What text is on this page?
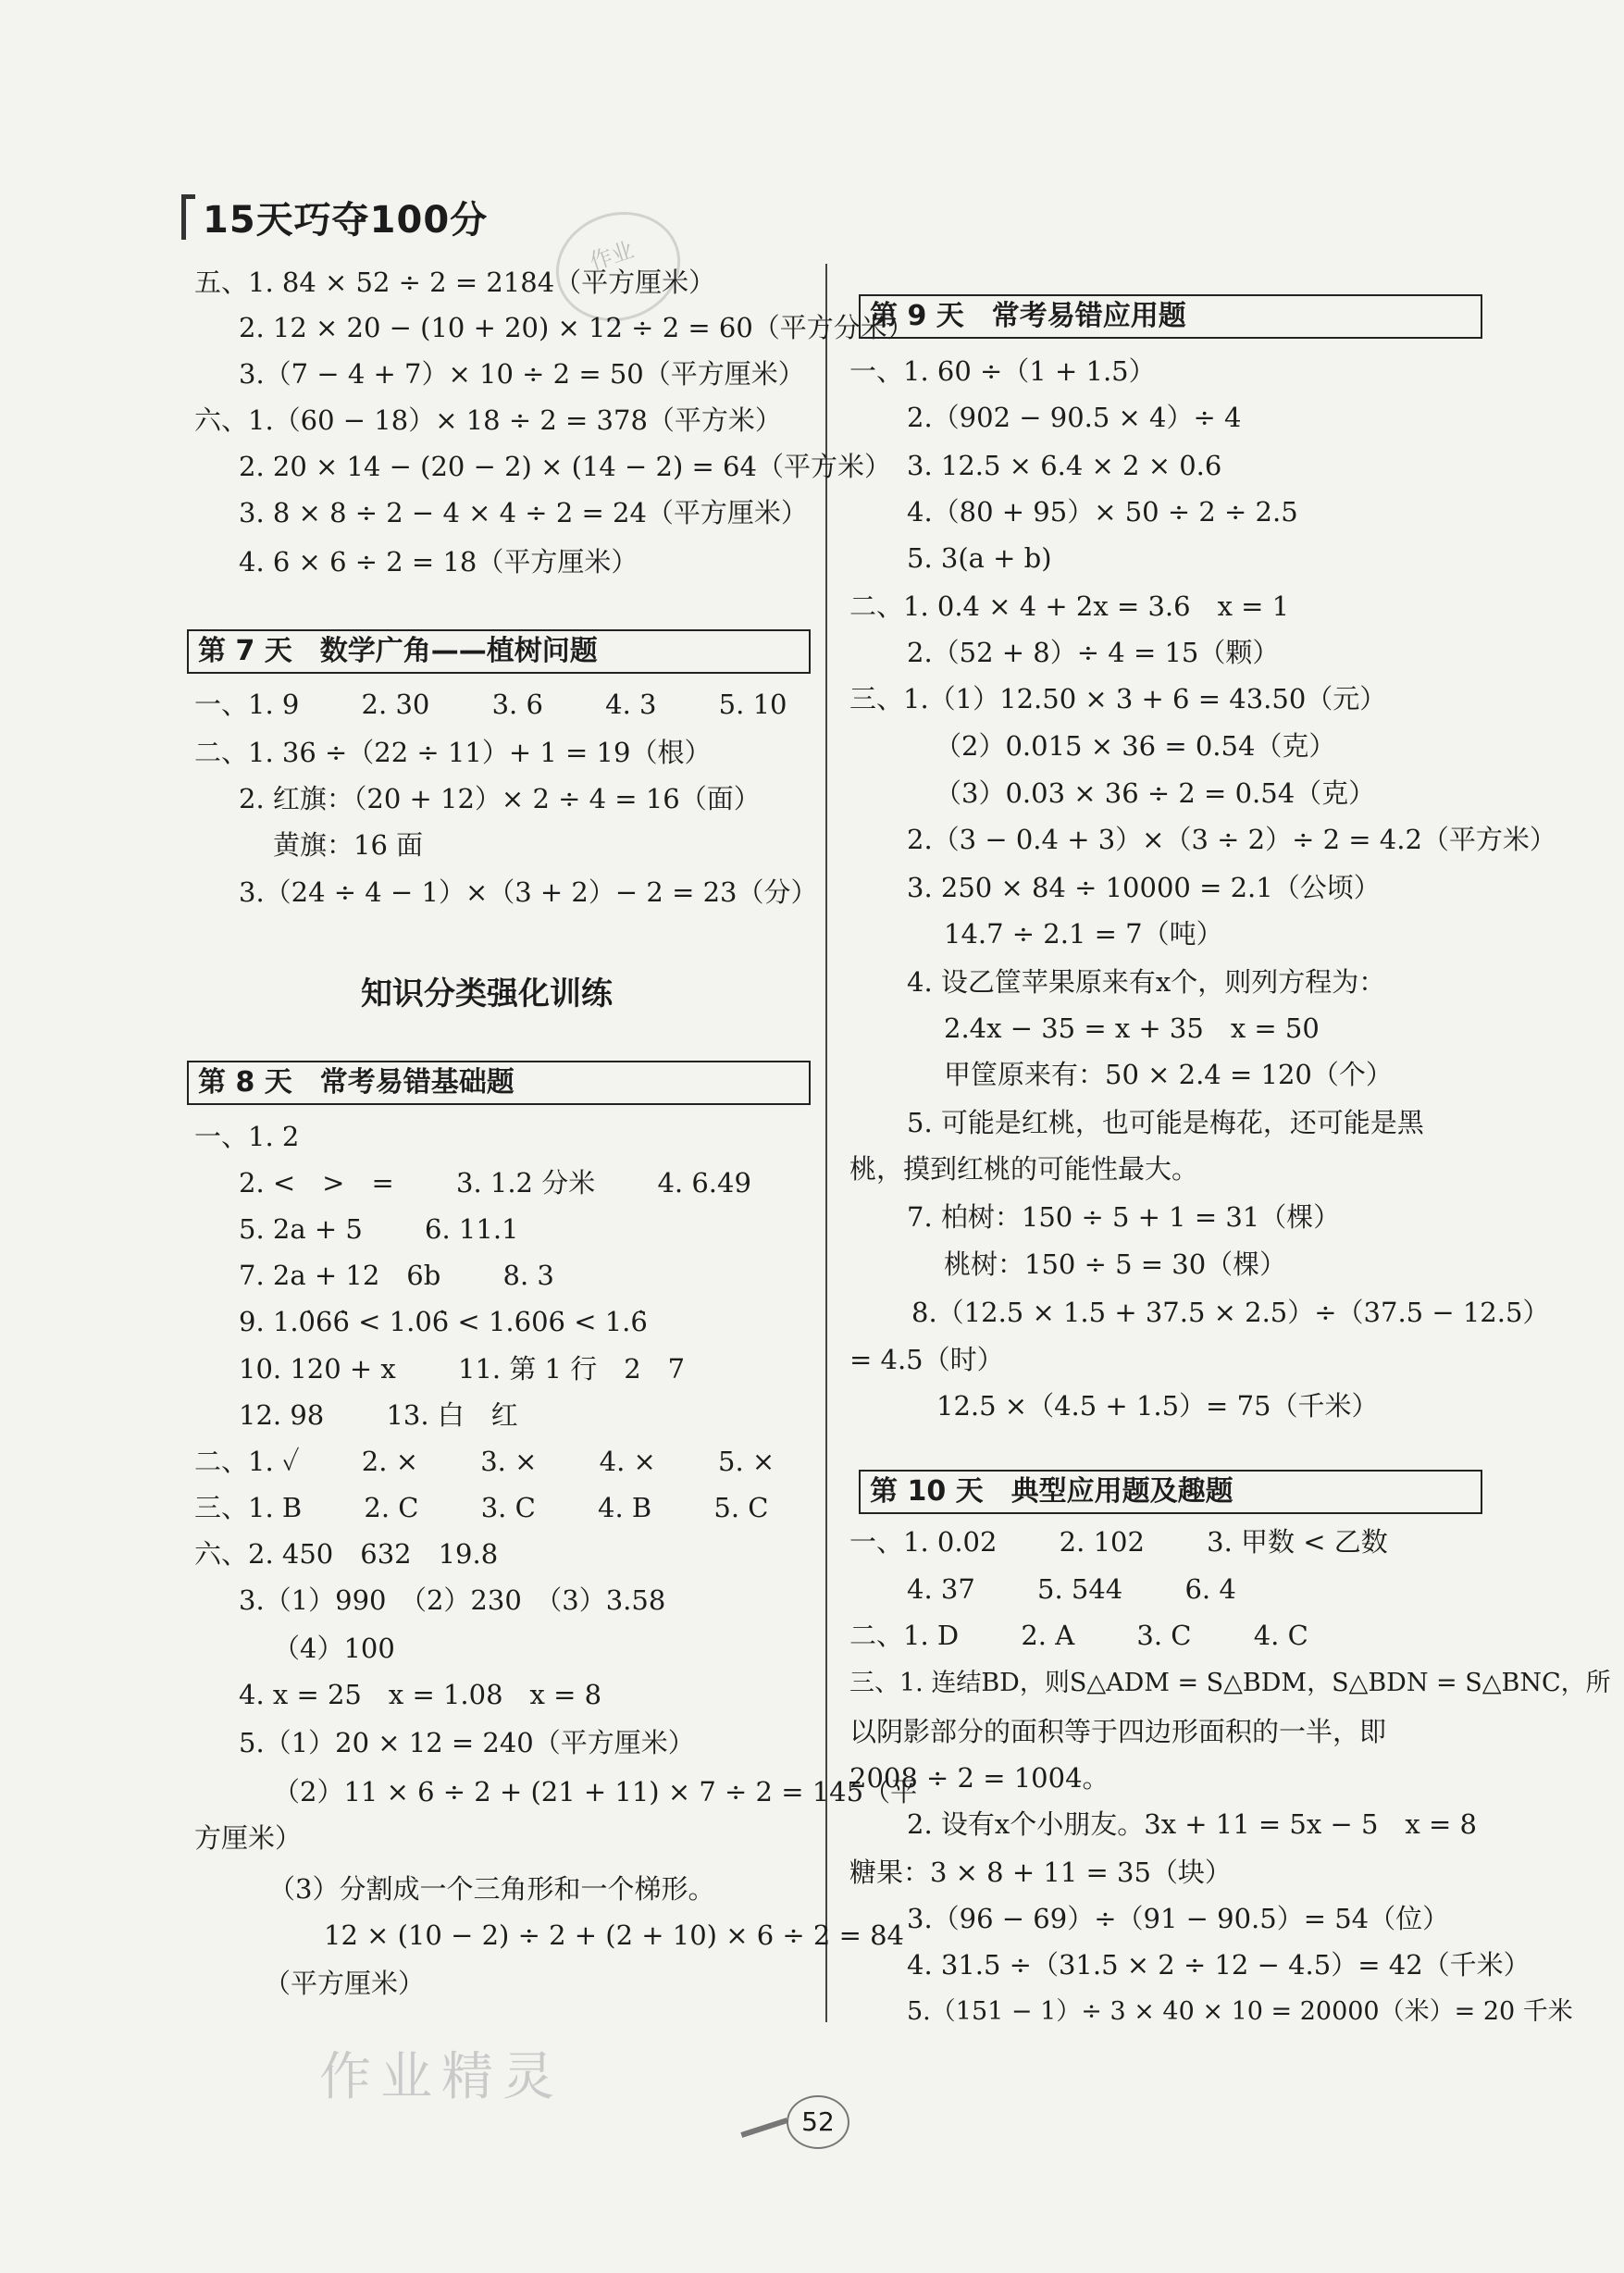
15天巧夺100分
作业
五、1. 84 × 52 ÷ 2 = 2184（平方厘米）
2. 12 × 20 − (10 + 20) × 12 ÷ 2 = 60（平方分米）
3.（7 − 4 + 7）× 10 ÷ 2 = 50（平方厘米）
六、1.（60 − 18）× 18 ÷ 2 = 378（平方米）
2. 20 × 14 − (20 − 2) × (14 − 2) = 64（平方米）
3. 8 × 8 ÷ 2 − 4 × 4 ÷ 2 = 24（平方厘米）
4. 6 × 6 ÷ 2 = 18（平方厘米）
第 7 天　数学广角——植树问题
一、1. 9　　 2. 30　　 3. 6　　 4. 3　　 5. 10
二、1. 36 ÷（22 ÷ 11）+ 1 = 19（根）
2. 红旗：（20 + 12）× 2 ÷ 4 = 16（面）
黄旗：16 面
3.（24 ÷ 4 − 1）×（3 + 2）− 2 = 23（分）
知识分类强化训练
第 8 天　常考易错基础题
一、1. 2
2. <　>　=　　 3. 1.2 分米　　 4. 6.49
5. 2a + 5　　 6. 11.1
7. 2a + 12　6b　　 8. 3
9. 1.0̇66̇ < 1.06̇ < 1.606 < 1.6̇
10. 120 + x　　 11. 第 1 行　2　7
12. 98　　 13. 白　红
二、1. ✓　　 2. ×　　 3. ×　　 4. ×　　 5. ×
三、1. B　　 2. C　　 3. C　　 4. B　　 5. C
六、2. 450　632　19.8
3.（1）990　（2）230　（3）3.58
（4）100
4. x = 25　x = 1.08　x = 8
5.（1）20 × 12 = 240（平方厘米）
（2）11 × 6 ÷ 2 + (21 + 11) × 7 ÷ 2 = 145（平
方厘米）
（3）分割成一个三角形和一个梯形。
12 × (10 − 2) ÷ 2 + (2 + 10) × 6 ÷ 2 = 84
（平方厘米）
第 9 天　常考易错应用题
一、1. 60 ÷（1 + 1.5）
2.（902 − 90.5 × 4）÷ 4
3. 12.5 × 6.4 × 2 × 0.6
4.（80 + 95）× 50 ÷ 2 ÷ 2.5
5. 3(a + b)
二、1. 0.4 × 4 + 2x = 3.6　x = 1
2.（52 + 8）÷ 4 = 15（颗）
三、1.（1）12.50 × 3 + 6 = 43.50（元）
（2）0.015 × 36 = 0.54（克）
（3）0.03 × 36 ÷ 2 = 0.54（克）
2.（3 − 0.4 + 3）×（3 ÷ 2）÷ 2 = 4.2（平方米）
3. 250 × 84 ÷ 10000 = 2.1（公顷）
14.7 ÷ 2.1 = 7（吨）
4. 设乙筐苹果原来有x个，则列方程为：
2.4x − 35 = x + 35　x = 50
甲筐原来有：50 × 2.4 = 120（个）
5. 可能是红桃，也可能是梅花，还可能是黑
桃，摸到红桃的可能性最大。
7. 柏树：150 ÷ 5 + 1 = 31（棵）
桃树：150 ÷ 5 = 30（棵）
8.（12.5 × 1.5 + 37.5 × 2.5）÷（37.5 − 12.5）
= 4.5（时）
12.5 ×（4.5 + 1.5）= 75（千米）
第 10 天　典型应用题及趣题
一、1. 0.02　　 2. 102　　 3. 甲数 < 乙数
4. 37　　 5. 544　　 6. 4
二、1. D　　 2. A　　 3. C　　 4. C
三、1. 连结BD，则S△ADM = S△BDM，S△BDN = S△BNC，所
以阴影部分的面积等于四边形面积的一半，即
2008 ÷ 2 = 1004。
2. 设有x个小朋友。3x + 11 = 5x − 5　x = 8
糖果：3 × 8 + 11 = 35（块）
3.（96 − 69）÷（91 − 90.5）= 54（位）
4. 31.5 ÷（31.5 × 2 ÷ 12 − 4.5）= 42（千米）
5.（151 − 1）÷ 3 × 40 × 10 = 20000（米）= 20 千米
作业精灵
52
